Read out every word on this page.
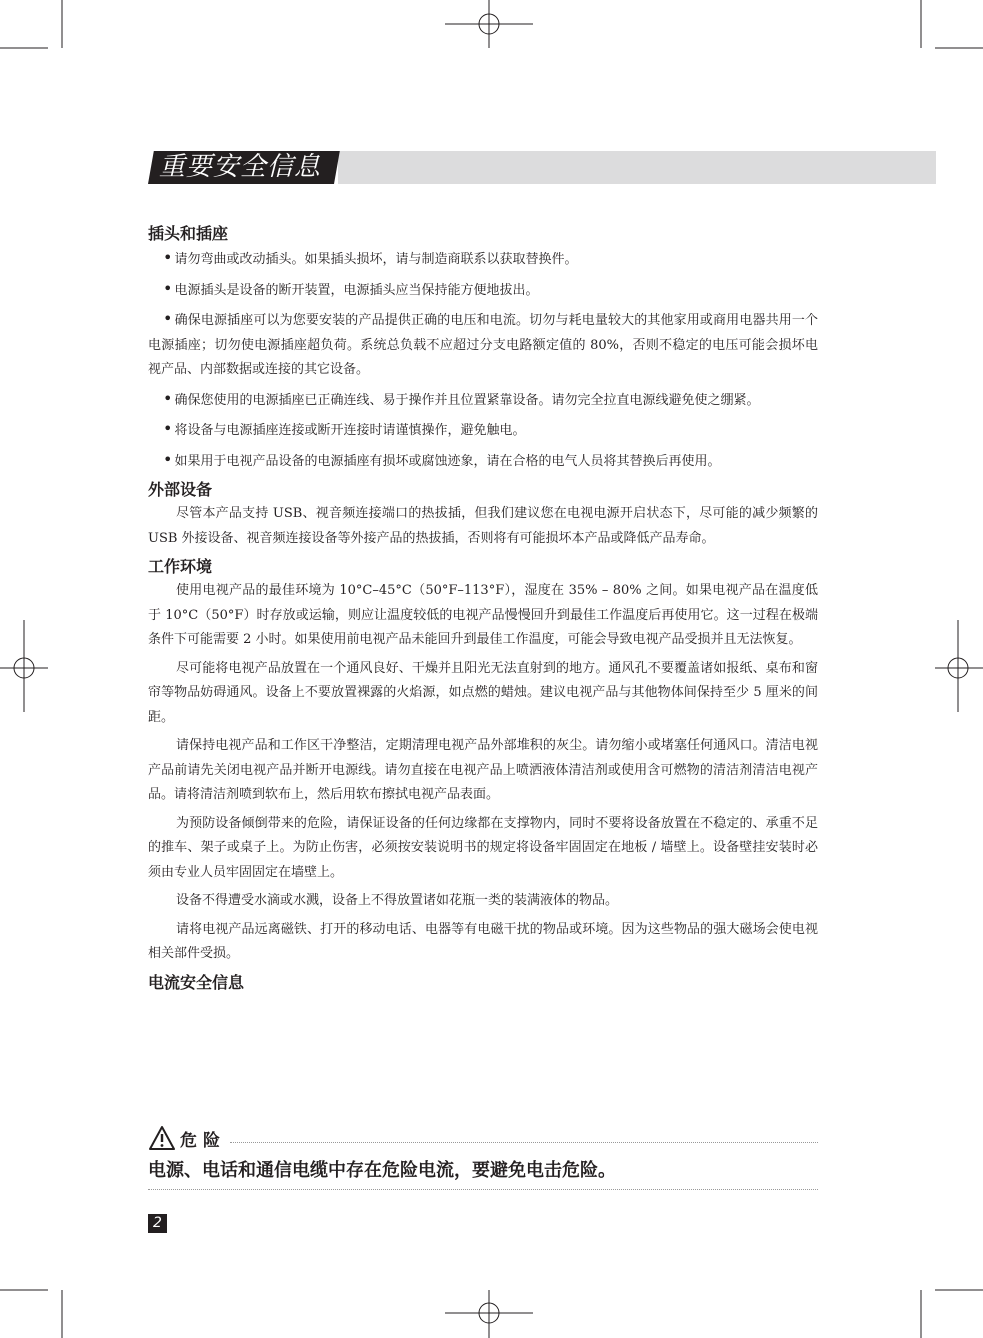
重要安全信息
插头和插座

• 请勿弯曲或改动插头。如果插头损坏，请与制造商联系以获取替换件。

• 电源插头是设备的断开装置，电源插头应当保持能方便地拔出。

• 确保电源插座可以为您要安装的产品提供正确的电压和电流。切勿与耗电量较大的其他家用或商用电器共用一个电源插座；切勿使电源插座超负荷。系统总负载不应超过分支电路额定值的 80%，否则不稳定的电压可能会损坏电视产品、内部数据或连接的其它设备。

• 确保您使用的电源插座已正确连线、易于操作并且位置紧靠设备。请勿完全拉直电源线避免使之绷紧。

• 将设备与电源插座连接或断开连接时请谨慎操作，避免触电。

• 如果用于电视产品设备的电源插座有损坏或腐蚀迹象，请在合格的电气人员将其替换后再使用。

外部设备

尽管本产品支持 USB、视音频连接端口的热拔插，但我们建议您在电视电源开启状态下，尽可能的减少频繁的 USB 外接设备、视音频连接设备等外接产品的热拔插，否则将有可能损坏本产品或降低产品寿命。

工作环境

使用电视产品的最佳环境为 10°C–45°C（50°F–113°F），湿度在 35% – 80% 之间。如果电视产品在温度低于 10°C（50°F）时存放或运输，则应让温度较低的电视产品慢慢回升到最佳工作温度后再使用它。这一过程在极端条件下可能需要 2 小时。如果使用前电视产品未能回升到最佳工作温度，可能会导致电视产品受损并且无法恢复。

尽可能将电视产品放置在一个通风良好、干燥并且阳光无法直射到的地方。通风孔不要覆盖诸如报纸、桌布和窗帘等物品妨碍通风。设备上不要放置裸露的火焰源，如点燃的蜡烛。建议电视产品与其他物体间保持至少 5 厘米的间距。

请保持电视产品和工作区干净整洁，定期清理电视产品外部堆积的灰尘。请勿缩小或堵塞任何通风口。清洁电视产品前请先关闭电视产品并断开电源线。请勿直接在电视产品上喷洒液体清洁剂或使用含可燃物的清洁剂清洁电视产品。请将清洁剂喷到软布上，然后用软布擦拭电视产品表面。

为预防设备倾倒带来的危险，请保证设备的任何边缘都在支撑物内，同时不要将设备放置在不稳定的、承重不足的推车、架子或桌子上。为防止伤害，必须按安装说明书的规定将设备牢固固定在地板 / 墙壁上。设备壁挂安装时必须由专业人员牢固固定在墙壁上。

设备不得遭受水滴或水溅，设备上不得放置诸如花瓶一类的装满液体的物品。

请将电视产品远离磁铁、打开的移动电话、电器等有电磁干扰的物品或环境。因为这些物品的强大磁场会使电视相关部件受损。

电流安全信息
危险
电源、电话和通信电缆中存在危险电流，要避免电击危险。
2
